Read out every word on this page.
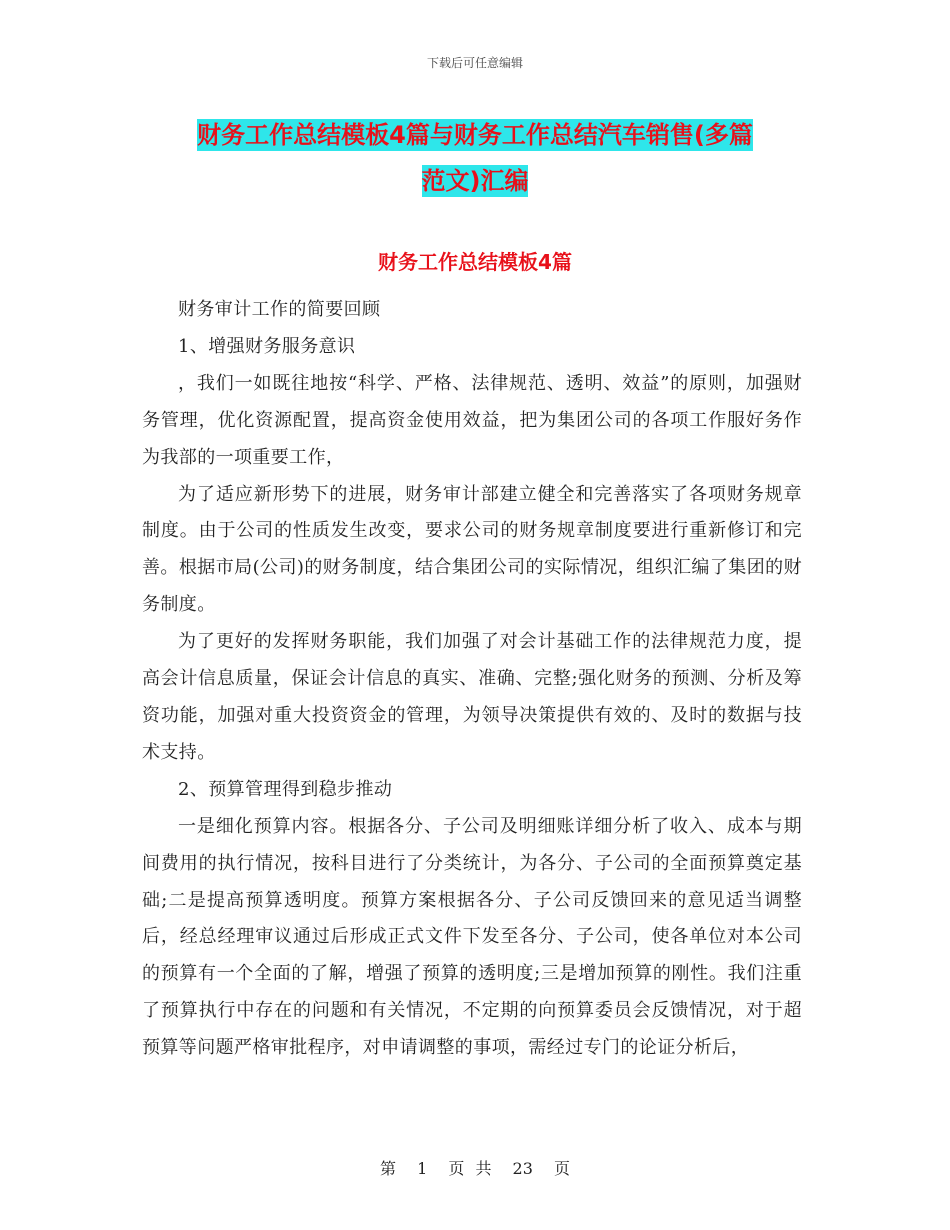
下载后可任意编辑
财务工作总结模板4篇与财务工作总结汽车销售(多篇
范文)汇编
财务工作总结模板4篇

财务审计工作的简要回顾

1、增强财务服务意识

，我们一如既往地按“科学、严格、法律规范、透明、效益”的原则，加强财务管理，优化资源配置，提高资金使用效益，把为集团公司的各项工作服好务作为我部的一项重要工作，

为了适应新形势下的进展，财务审计部建立健全和完善落实了各项财务规章制度。由于公司的性质发生改变，要求公司的财务规章制度要进行重新修订和完善。根据市局(公司)的财务制度，结合集团公司的实际情况，组织汇编了集团的财务制度。

为了更好的发挥财务职能，我们加强了对会计基础工作的法律规范力度，提高会计信息质量，保证会计信息的真实、准确、完整;强化财务的预测、分析及筹资功能，加强对重大投资资金的管理，为领导决策提供有效的、及时的数据与技术支持。

2、预算管理得到稳步推动

一是细化预算内容。根据各分、子公司及明细账详细分析了收入、成本与期间费用的执行情况，按科目进行了分类统计，为各分、子公司的全面预算奠定基础;二是提高预算透明度。预算方案根据各分、子公司反馈回来的意见适当调整后，经总经理审议通过后形成正式文件下发至各分、子公司，使各单位对本公司的预算有一个全面的了解，增强了预算的透明度;三是增加预算的刚性。我们注重了预算执行中存在的问题和有关情况，不定期的向预算委员会反馈情况，对于超预算等问题严格审批程序，对申请调整的事项，需经过专门的论证分析后，

第 1 页 共 23 页
